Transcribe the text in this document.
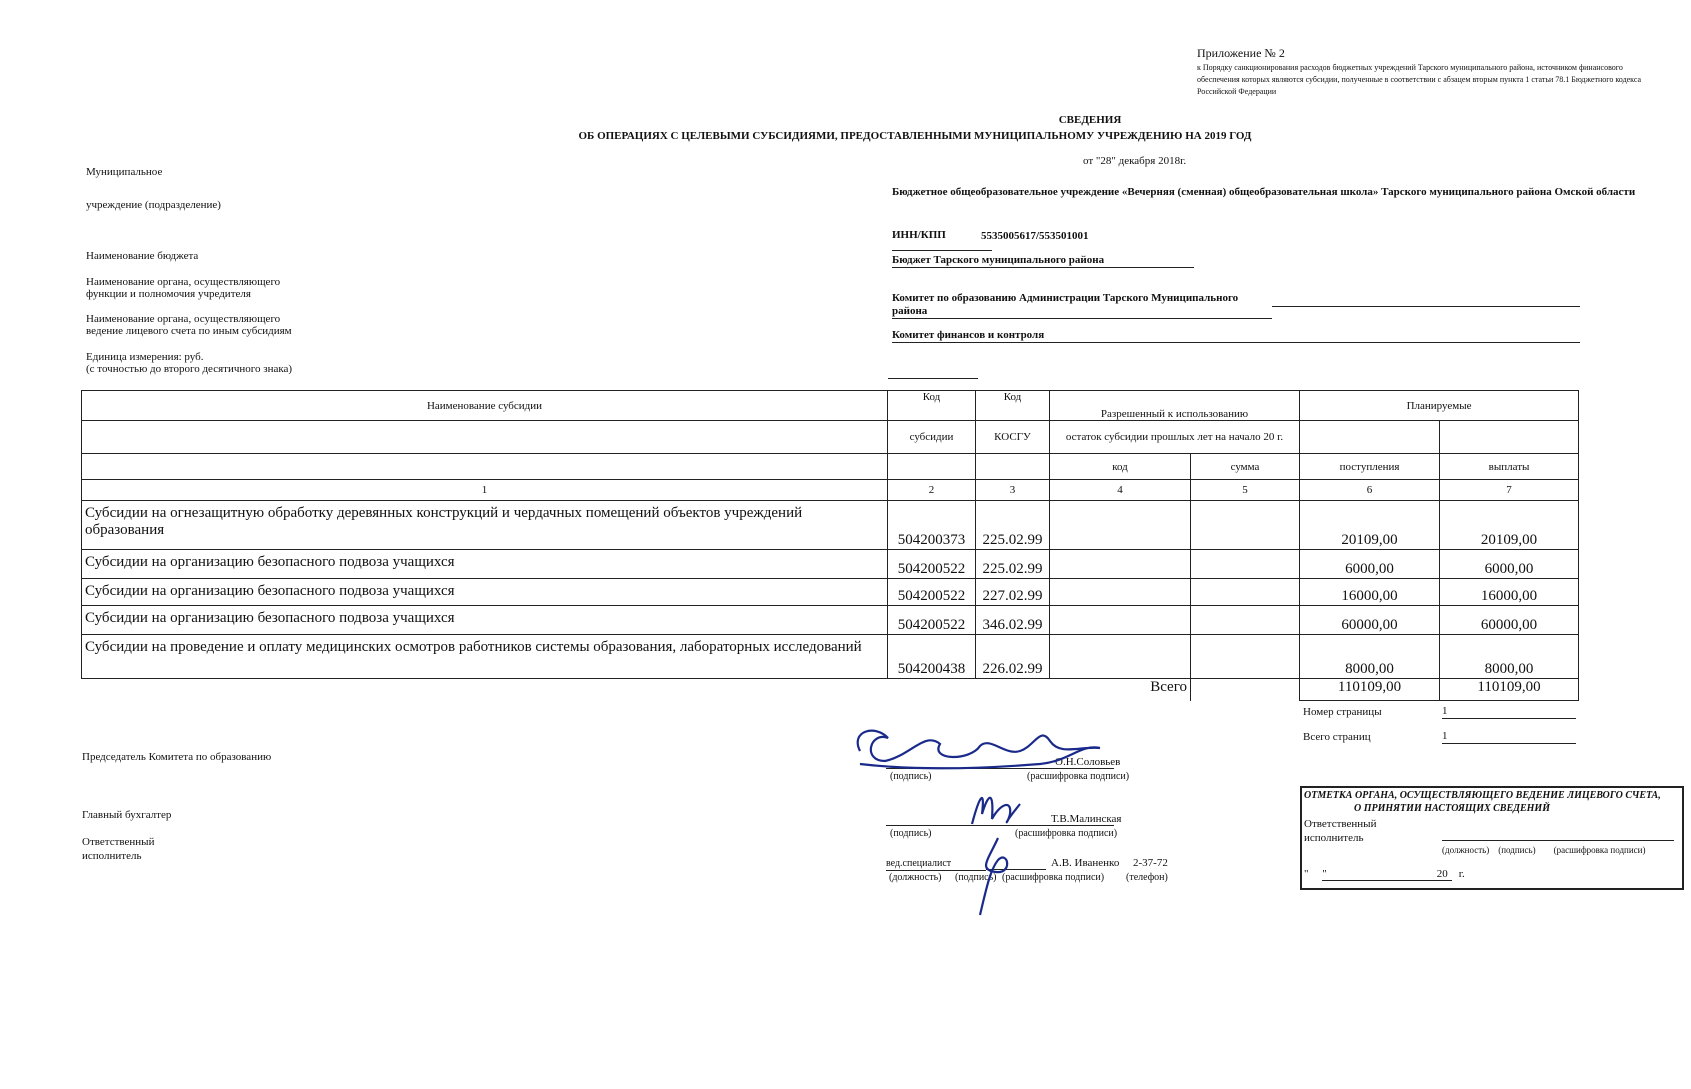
Приложение № 2
к Порядку санкционирования расходов бюджетных учреждений Тарского муниципального района, источником финансового обеспечения которых являются субсидии, полученные в соответствии с абзацем вторым пункта 1 статьи 78.1 Бюджетного кодекса Российской Федерации
СВЕДЕНИЯ
ОБ ОПЕРАЦИЯХ С ЦЕЛЕВЫМИ СУБСИДИЯМИ, ПРЕДОСТАВЛЕННЫМИ МУНИЦИПАЛЬНОМУ УЧРЕЖДЕНИЮ НА 2019 ГОД
от "28" декабря 2018г.
Муниципальное
учреждение (подразделение)
Наименование бюджета
Наименование органа, осуществляющего
функции и полномочия учредителя
Наименование органа, осуществляющего
ведение лицевого счета по иным субсидиям
Единица измерения: руб.
(с точностью до второго десятичного знака)
Бюджетное общеобразовательное учреждение «Вечерняя (сменная) общеобразовательная школа» Тарского муниципального района Омской области
ИНН/КПП	5535005617/553501001
Бюджет Тарского муниципального района
Комитет по образованию Администрации Тарского Муниципального района
Комитет финансов и контроля
Наименование субсидии	Код	Код	Разрешенный к использованию		Планируемые	
	субсидии	КОСГУ	остаток субсидии прошлых лет на начало 20 г.			
			код	сумма	поступления	выплаты
1	2	3	4	5	6	7
Субсидии на огнезащитную обработку деревянных конструкций и чердачных помещений объектов учреждений образования	504200373	225.02.99			20109,00	20109,00
Субсидии на организацию безопасного подвоза учащихся	504200522	225.02.99			6000,00	6000,00
Субсидии на организацию безопасного подвоза учащихся	504200522	227.02.99			16000,00	16000,00
Субсидии на организацию безопасного подвоза учащихся	504200522	346.02.99			60000,00	60000,00
Субсидии на проведение и оплату медицинских осмотров работников системы образования, лабораторных исследований	504200438	226.02.99			8000,00	8000,00
Всего					110109,00	110109,00
Номер страницы	1
Всего страниц	1
Председатель Комитета по образованию	О.Н.Соловьев
(подпись)	(расшифровка подписи)
Главный бухгалтер	Т.В.Малинская
(подпись)	(расшифровка подписи)
Ответственный
исполнитель
вед.специалист	А.В. Иваненко 2-37-72
(должность) (подпись) (расшифровка подписи) (телефон)
ОТМЕТКА ОРГАНА, ОСУЩЕСТВЛЯЮЩЕГО ВЕДЕНИЕ ЛИЦЕВОГО СЧЕТА,
О ПРИНЯТИИ НАСТОЯЩИХ СВЕДЕНИЙ
Ответственный
исполнитель
(должность)    (подпись)        (расшифровка подписи)
"     "                                        20    г.
